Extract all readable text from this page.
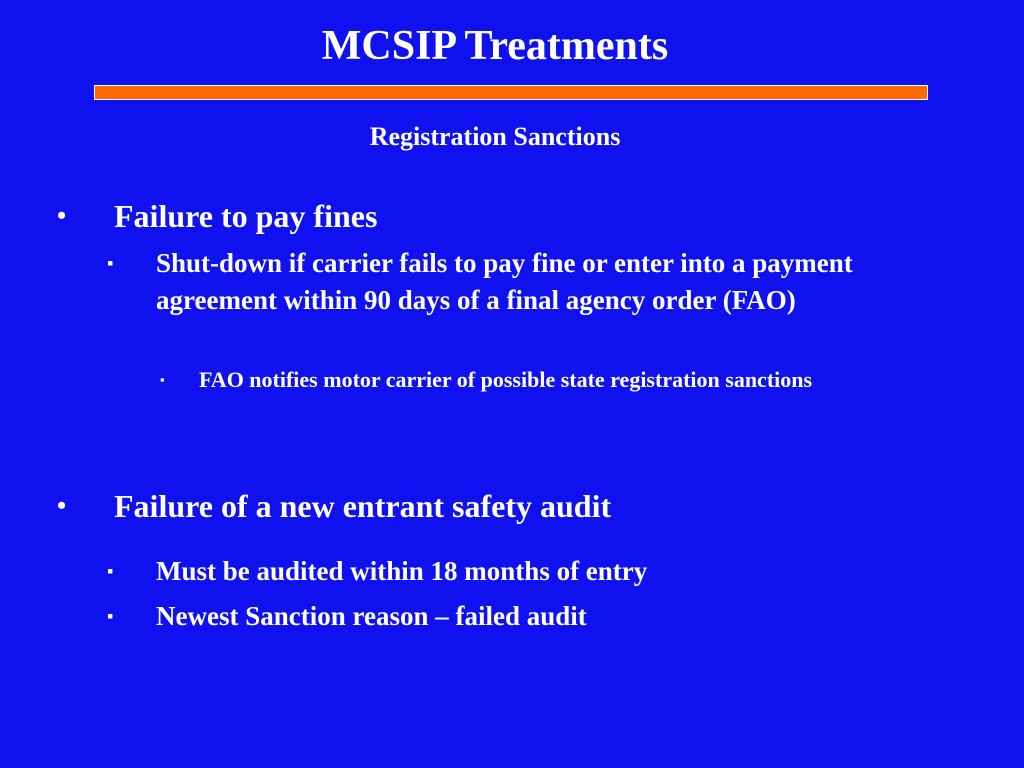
MCSIP Treatments
Registration Sanctions
• Failure to pay fines
▪ Shut-down if carrier fails to pay fine or enter into a payment agreement within 90 days of a final agency order (FAO)
▪ FAO notifies motor carrier of possible state registration sanctions
• Failure of a new entrant safety audit
▪ Must be audited within 18 months of entry
▪ Newest Sanction reason – failed audit
